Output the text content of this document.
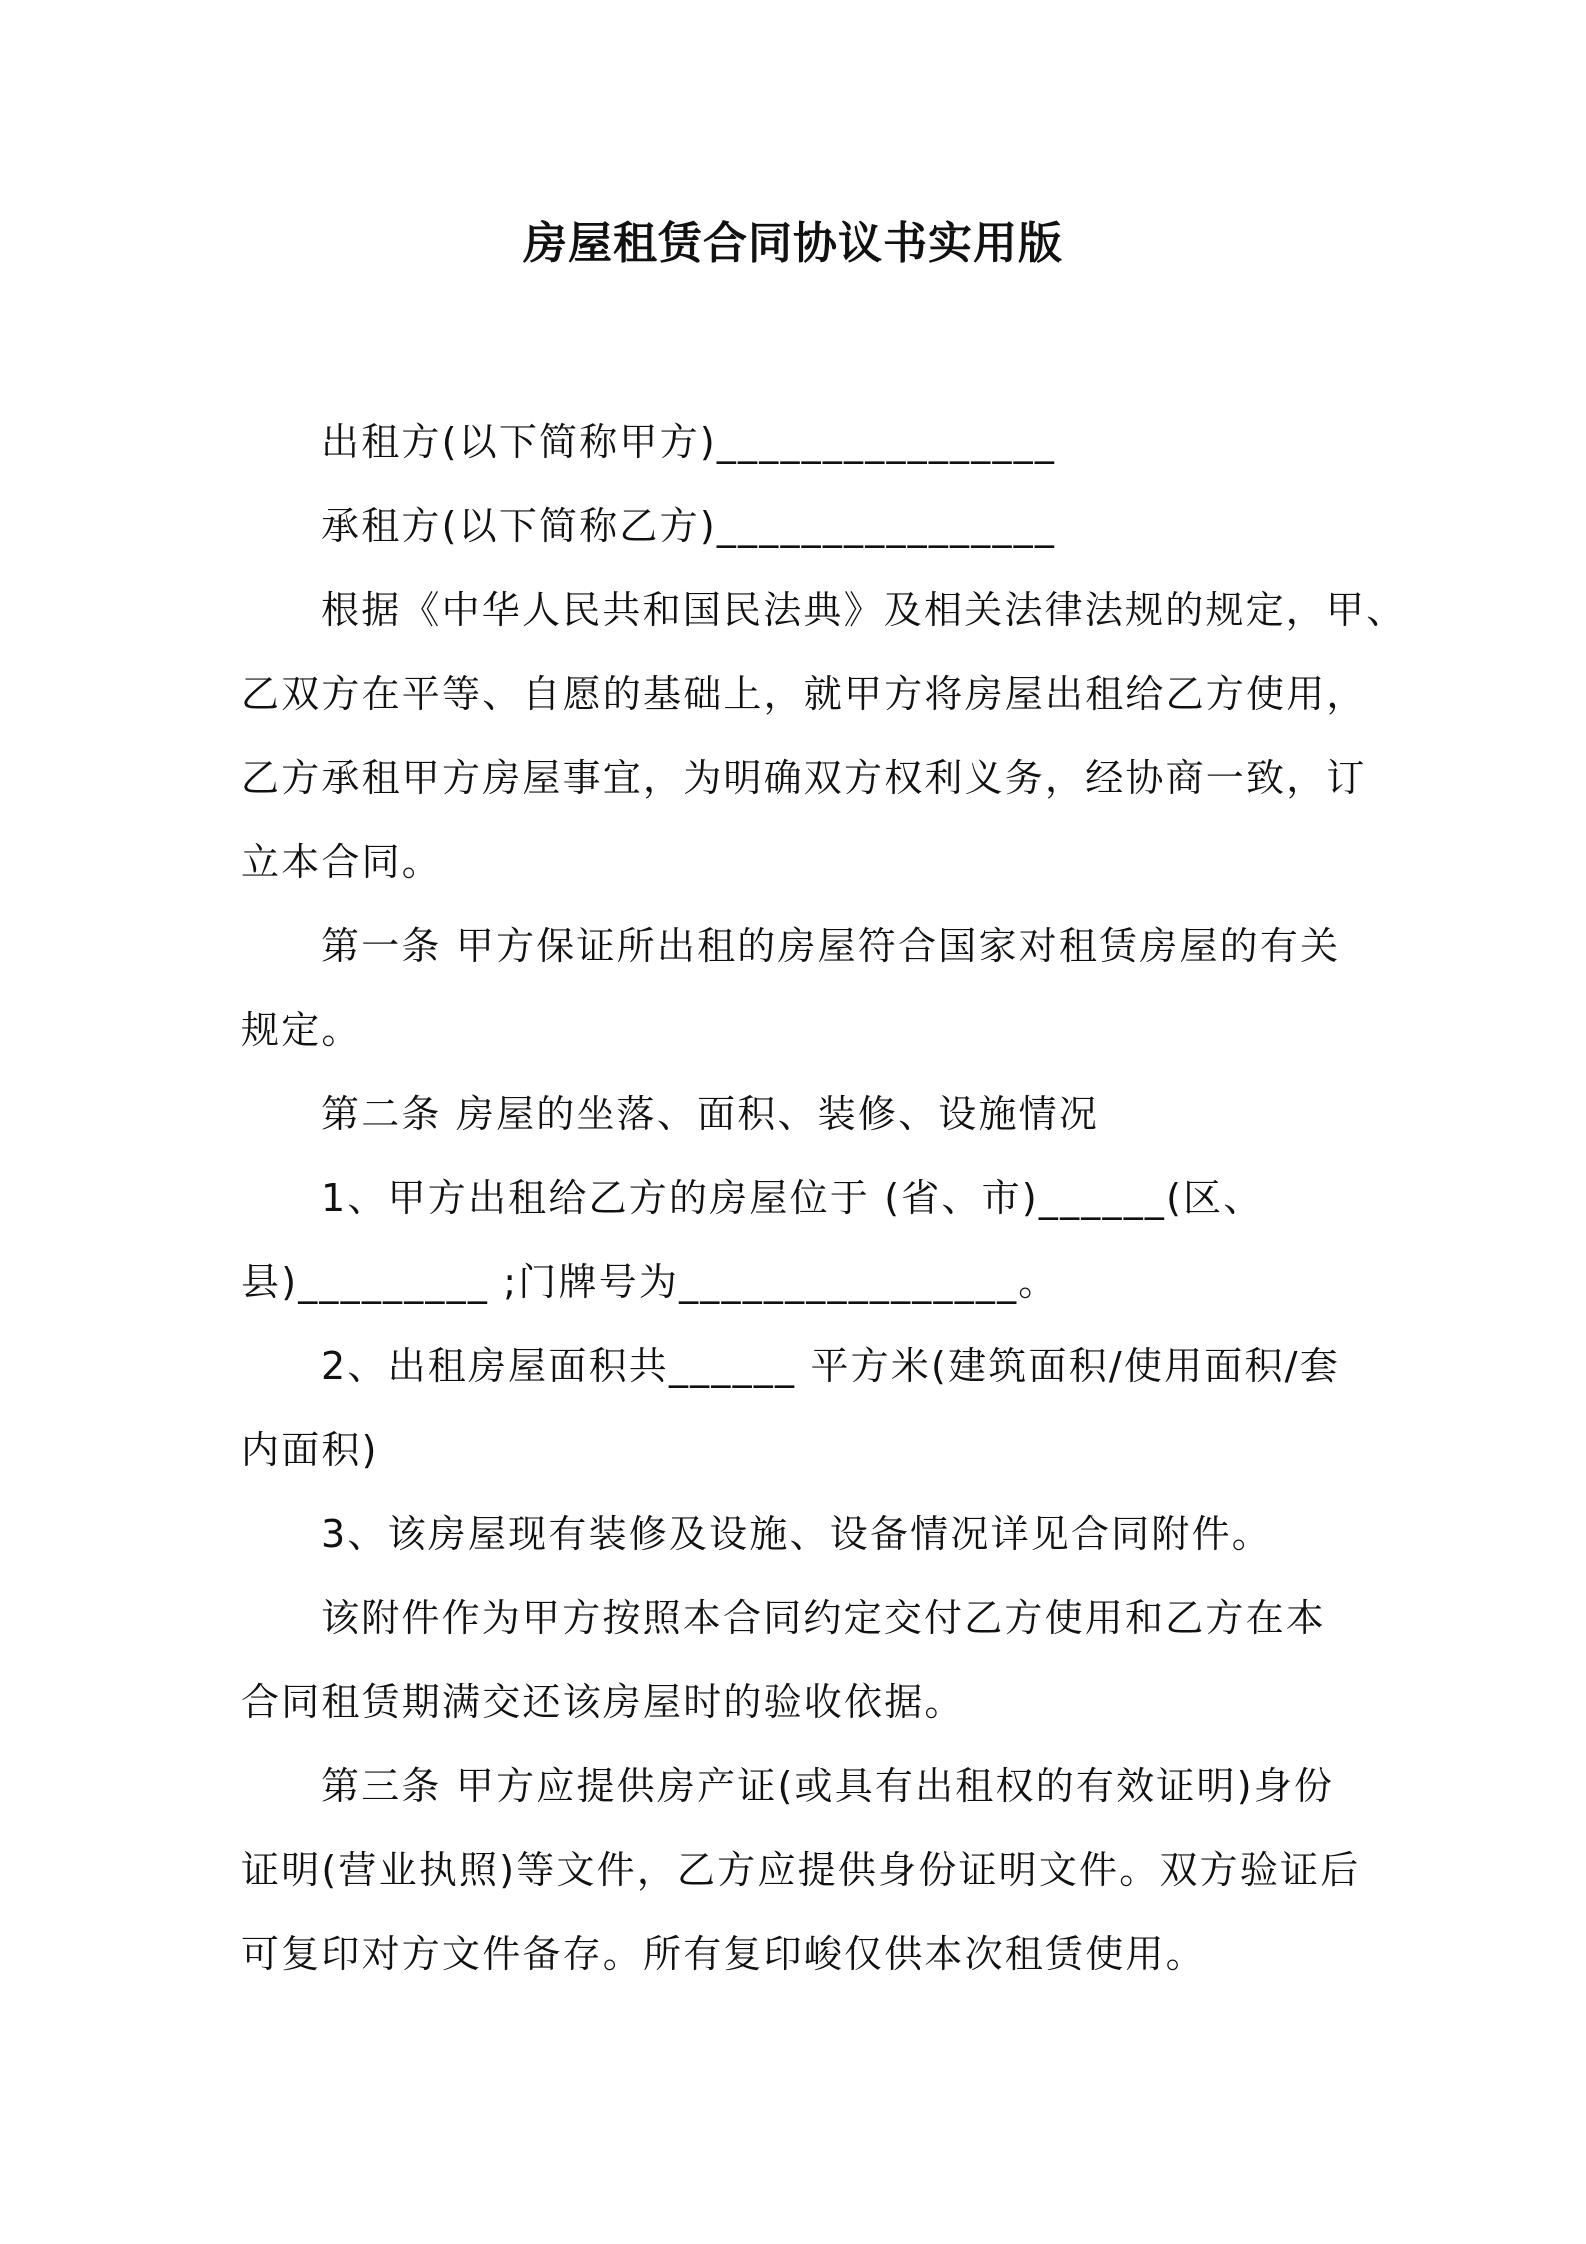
房屋租赁合同协议书实用版
出租方(以下简称甲方)________________
承租方(以下简称乙方)________________
根据《中华人民共和国民法典》及相关法律法规的规定，甲、
乙双方在平等、自愿的基础上，就甲方将房屋出租给乙方使用，
乙方承租甲方房屋事宜，为明确双方权利义务，经协商一致，订
立本合同。
第一条 甲方保证所出租的房屋符合国家对租赁房屋的有关
规定。
第二条 房屋的坐落、面积、装修、设施情况
1、甲方出租给乙方的房屋位于 (省、市)______(区、
县)_________ ;门牌号为________________。
2、出租房屋面积共______ 平方米(建筑面积/使用面积/套
内面积)
3、该房屋现有装修及设施、设备情况详见合同附件。
该附件作为甲方按照本合同约定交付乙方使用和乙方在本
合同租赁期满交还该房屋时的验收依据。
第三条 甲方应提供房产证(或具有出租权的有效证明)身份
证明(营业执照)等文件，乙方应提供身份证明文件。双方验证后
可复印对方文件备存。所有复印峻仅供本次租赁使用。
